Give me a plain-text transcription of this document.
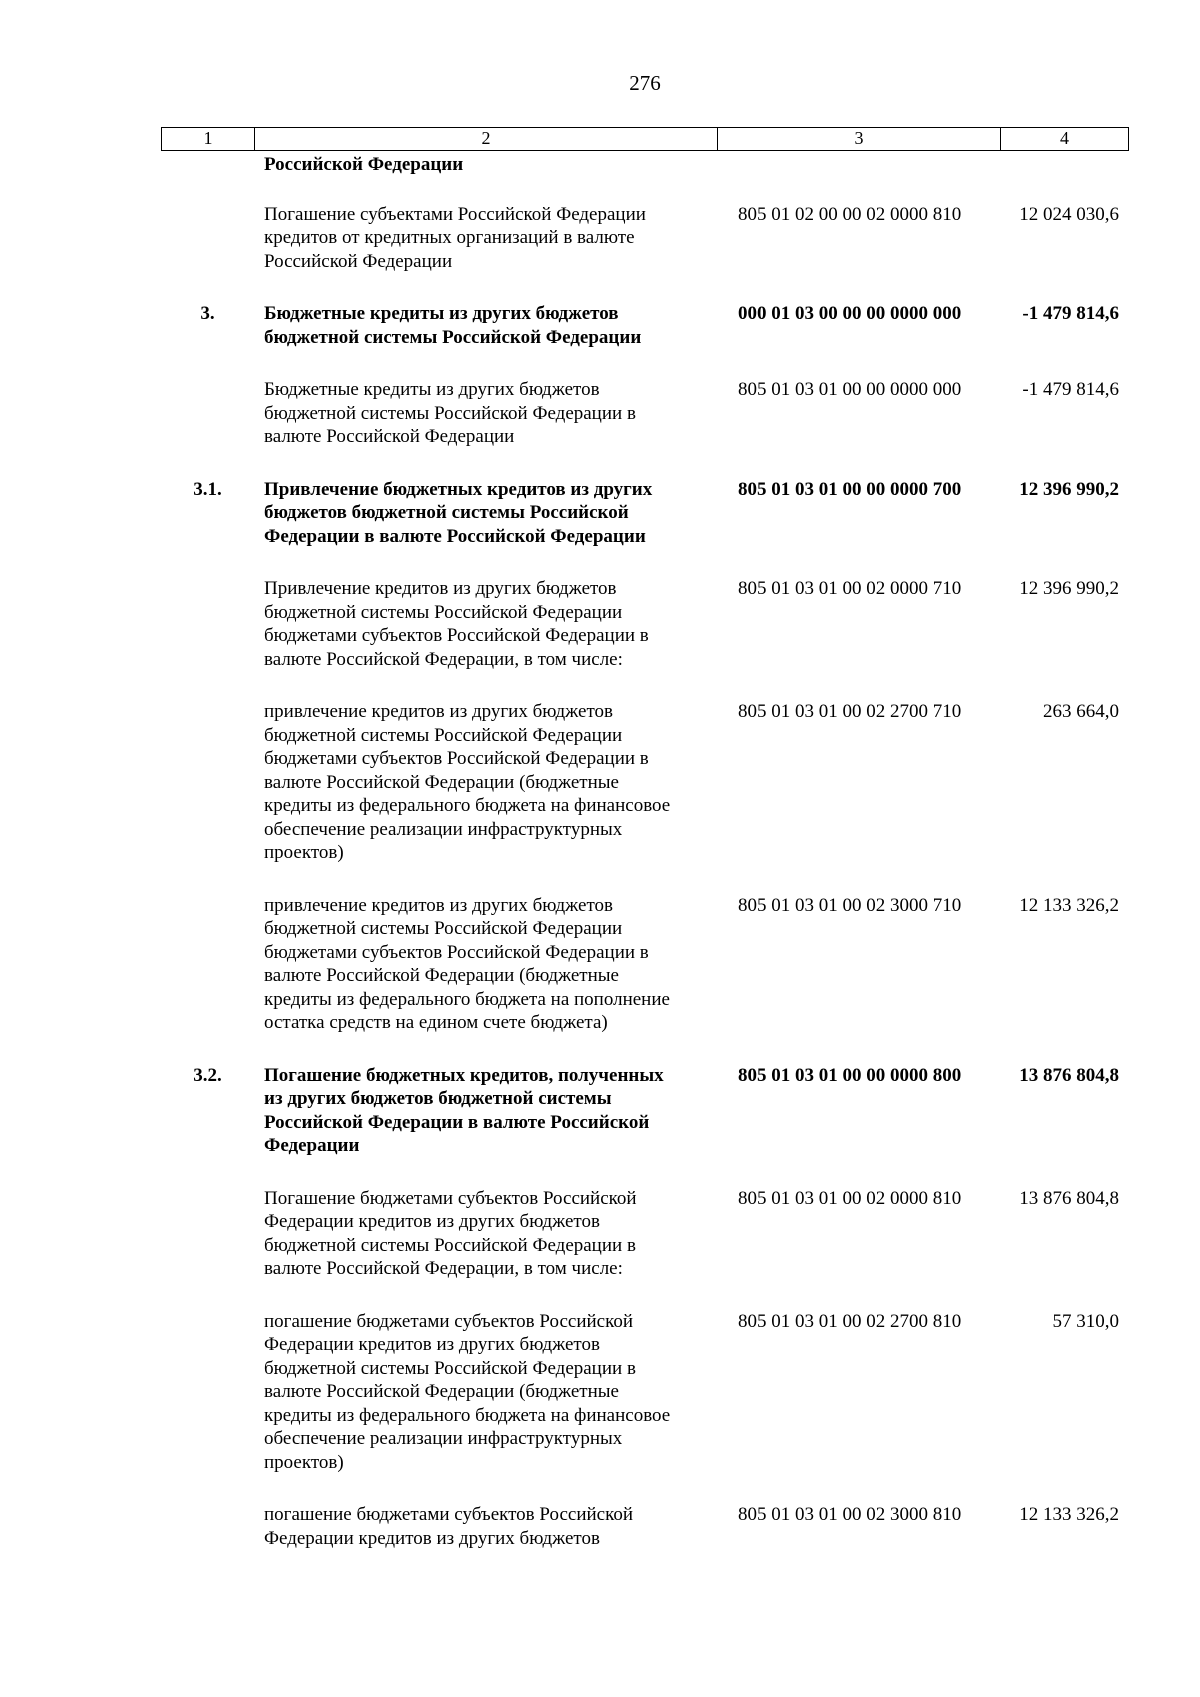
276
1	2	3	4
Российской Федерации
Погашение субъектами Российской Федерации
кредитов от кредитных организаций в валюте
Российской Федерации
805 01 02 00 00 02 0000 810	12 024 030,6
3.	Бюджетные кредиты из других бюджетов
бюджетной системы Российской Федерации
000 01 03 00 00 00 0000 000	-1 479 814,6
Бюджетные кредиты из других бюджетов
бюджетной системы Российской Федерации в
валюте Российской Федерации
805 01 03 01 00 00 0000 000	-1 479 814,6
3.1.	Привлечение бюджетных кредитов из других
бюджетов бюджетной системы Российской
Федерации в валюте Российской Федерации
805 01 03 01 00 00 0000 700	12 396 990,2
Привлечение кредитов из других бюджетов
бюджетной системы Российской Федерации
бюджетами субъектов Российской Федерации в
валюте Российской Федерации, в том числе:
805 01 03 01 00 02 0000 710	12 396 990,2
привлечение кредитов из других бюджетов
бюджетной системы Российской Федерации
бюджетами субъектов Российской Федерации в
валюте Российской Федерации (бюджетные
кредиты из федерального бюджета на финансовое
обеспечение реализации инфраструктурных
проектов)
805 01 03 01 00 02 2700 710	263 664,0
привлечение кредитов из других бюджетов
бюджетной системы Российской Федерации
бюджетами субъектов Российской Федерации в
валюте Российской Федерации (бюджетные
кредиты из федерального бюджета на пополнение
остатка средств на едином счете бюджета)
805 01 03 01 00 02 3000 710	12 133 326,2
3.2.	Погашение бюджетных кредитов, полученных
из других бюджетов бюджетной системы
Российской Федерации в валюте Российской
Федерации
805 01 03 01 00 00 0000 800	13 876 804,8
Погашение бюджетами субъектов Российской
Федерации кредитов из других бюджетов
бюджетной системы Российской Федерации в
валюте Российской Федерации, в том числе:
805 01 03 01 00 02 0000 810	13 876 804,8
погашение бюджетами субъектов Российской
Федерации кредитов из других бюджетов
бюджетной системы Российской Федерации в
валюте Российской Федерации (бюджетные
кредиты из федерального бюджета на финансовое
обеспечение реализации инфраструктурных
проектов)
805 01 03 01 00 02 2700 810	57 310,0
погашение бюджетами субъектов Российской
Федерации кредитов из других бюджетов
805 01 03 01 00 02 3000 810	12 133 326,2
